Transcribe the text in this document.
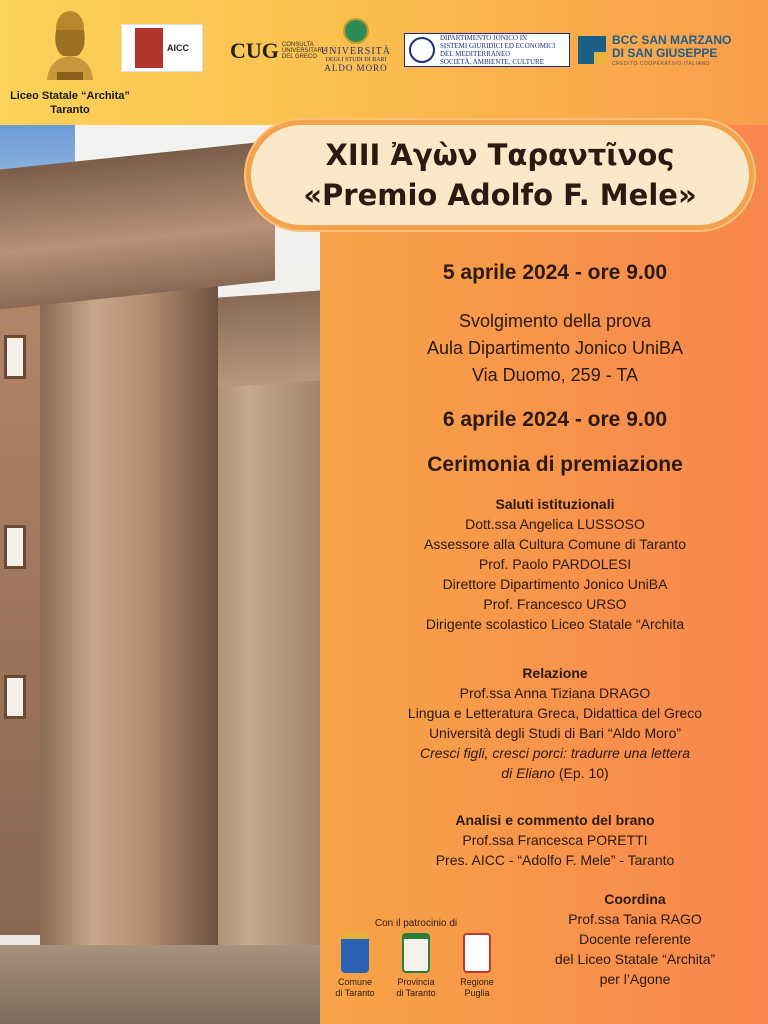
Liceo Statale “Archita”
Taranto
AICC CUG CONSULTA UNIVERSITARIA DEL GRECO
UNIVERSITÀ
DEGLI STUDI DI BARI
ALDO MORO
DIPARTIMENTO JONICO IN
SISTEMI GIURIDICI ED ECONOMICI
DEL MEDITERRANEO
SOCIETÀ, AMBIENTE, CULTURE
BCC SAN MARZANO
DI SAN GIUSEPPE
CREDITO COOPERATIVO ITALIANO
XIII Ἀγὼν Ταραντῖνος
«Premio Adolfo F. Mele»
5 aprile 2024 - ore 9.00
Svolgimento della prova
Aula Dipartimento Jonico UniBA
Via Duomo, 259 - TA
6 aprile 2024 - ore 9.00
Cerimonia di premiazione
Saluti istituzionali
Dott.ssa Angelica LUSSOSO
Assessore alla Cultura Comune di Taranto
Prof. Paolo PARDOLESI
Direttore Dipartimento Jonico UniBA
Prof. Francesco URSO
Dirigente scolastico Liceo Statale “Archita
Relazione
Prof.ssa Anna Tiziana DRAGO
Lingua e Letteratura Greca, Didattica del Greco
Università degli Studi di Bari “Aldo Moro”
Cresci figli, cresci porci: tradurre una lettera
di Eliano (Ep. 10)
Analisi e commento del brano
Prof.ssa Francesca PORETTI
Pres. AICC - “Adolfo F. Mele” - Taranto
Coordina
Prof.ssa Tania RAGO
Docente referente
del Liceo Statale “Archita”
per l’Agone
Con il patrocinio di
Comune
di Taranto
Provincia
di Taranto
Regione
Puglia
